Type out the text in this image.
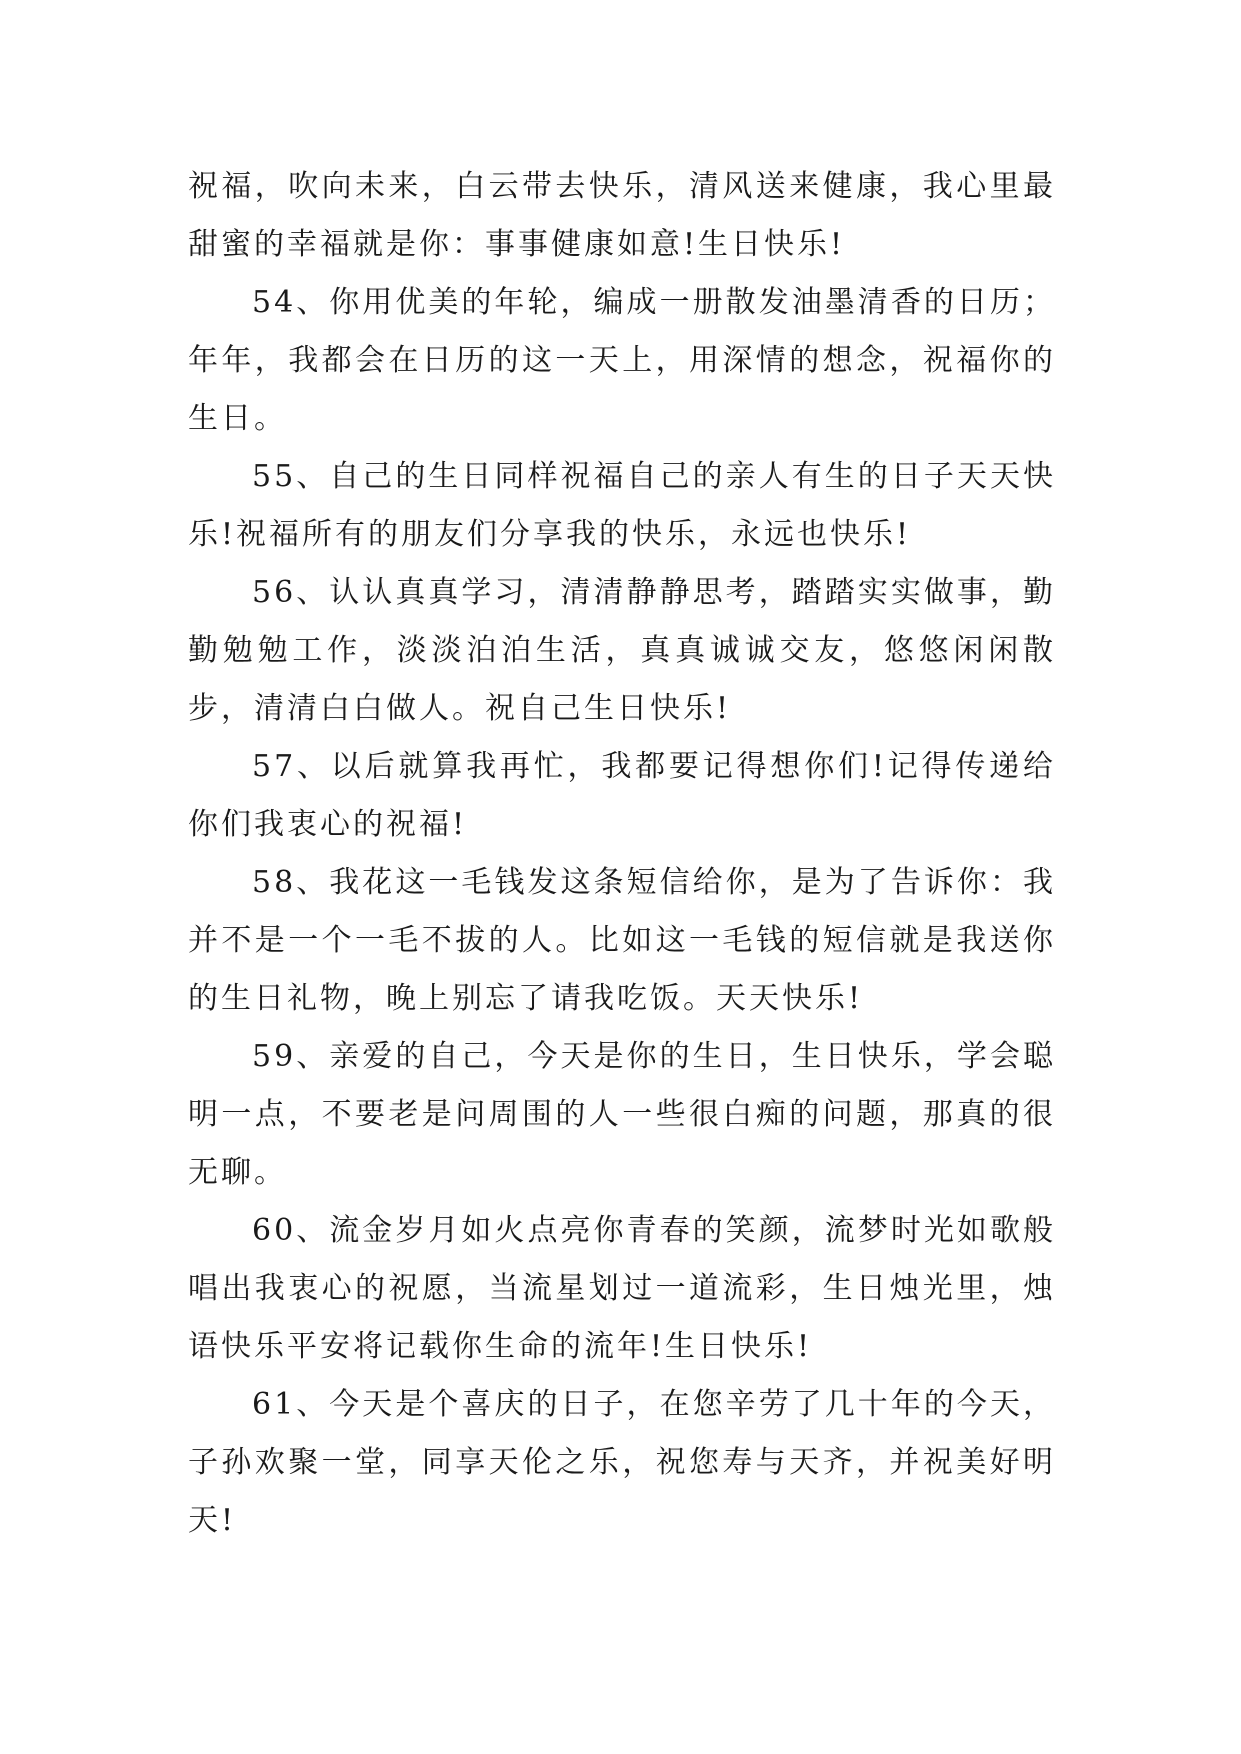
祝福，吹向未来，白云带去快乐，清风送来健康，我心里最甜蜜的幸福就是你：事事健康如意!生日快乐!

54、你用优美的年轮，编成一册散发油墨清香的日历；年年，我都会在日历的这一天上，用深情的想念，祝福你的生日。

55、自己的生日同样祝福自己的亲人有生的日子天天快乐!祝福所有的朋友们分享我的快乐，永远也快乐!

56、认认真真学习，清清静静思考，踏踏实实做事，勤勤勉勉工作，淡淡泊泊生活，真真诚诚交友，悠悠闲闲散步，清清白白做人。祝自己生日快乐!

57、以后就算我再忙，我都要记得想你们!记得传递给你们我衷心的祝福!

58、我花这一毛钱发这条短信给你，是为了告诉你：我并不是一个一毛不拔的人。比如这一毛钱的短信就是我送你的生日礼物，晚上别忘了请我吃饭。天天快乐!

59、亲爱的自己，今天是你的生日，生日快乐，学会聪明一点，不要老是问周围的人一些很白痴的问题，那真的很无聊。

60、流金岁月如火点亮你青春的笑颜，流梦时光如歌般唱出我衷心的祝愿，当流星划过一道流彩，生日烛光里，烛语快乐平安将记载你生命的流年!生日快乐!

61、今天是个喜庆的日子，在您辛劳了几十年的今天，子孙欢聚一堂，同享天伦之乐，祝您寿与天齐，并祝美好明天!
